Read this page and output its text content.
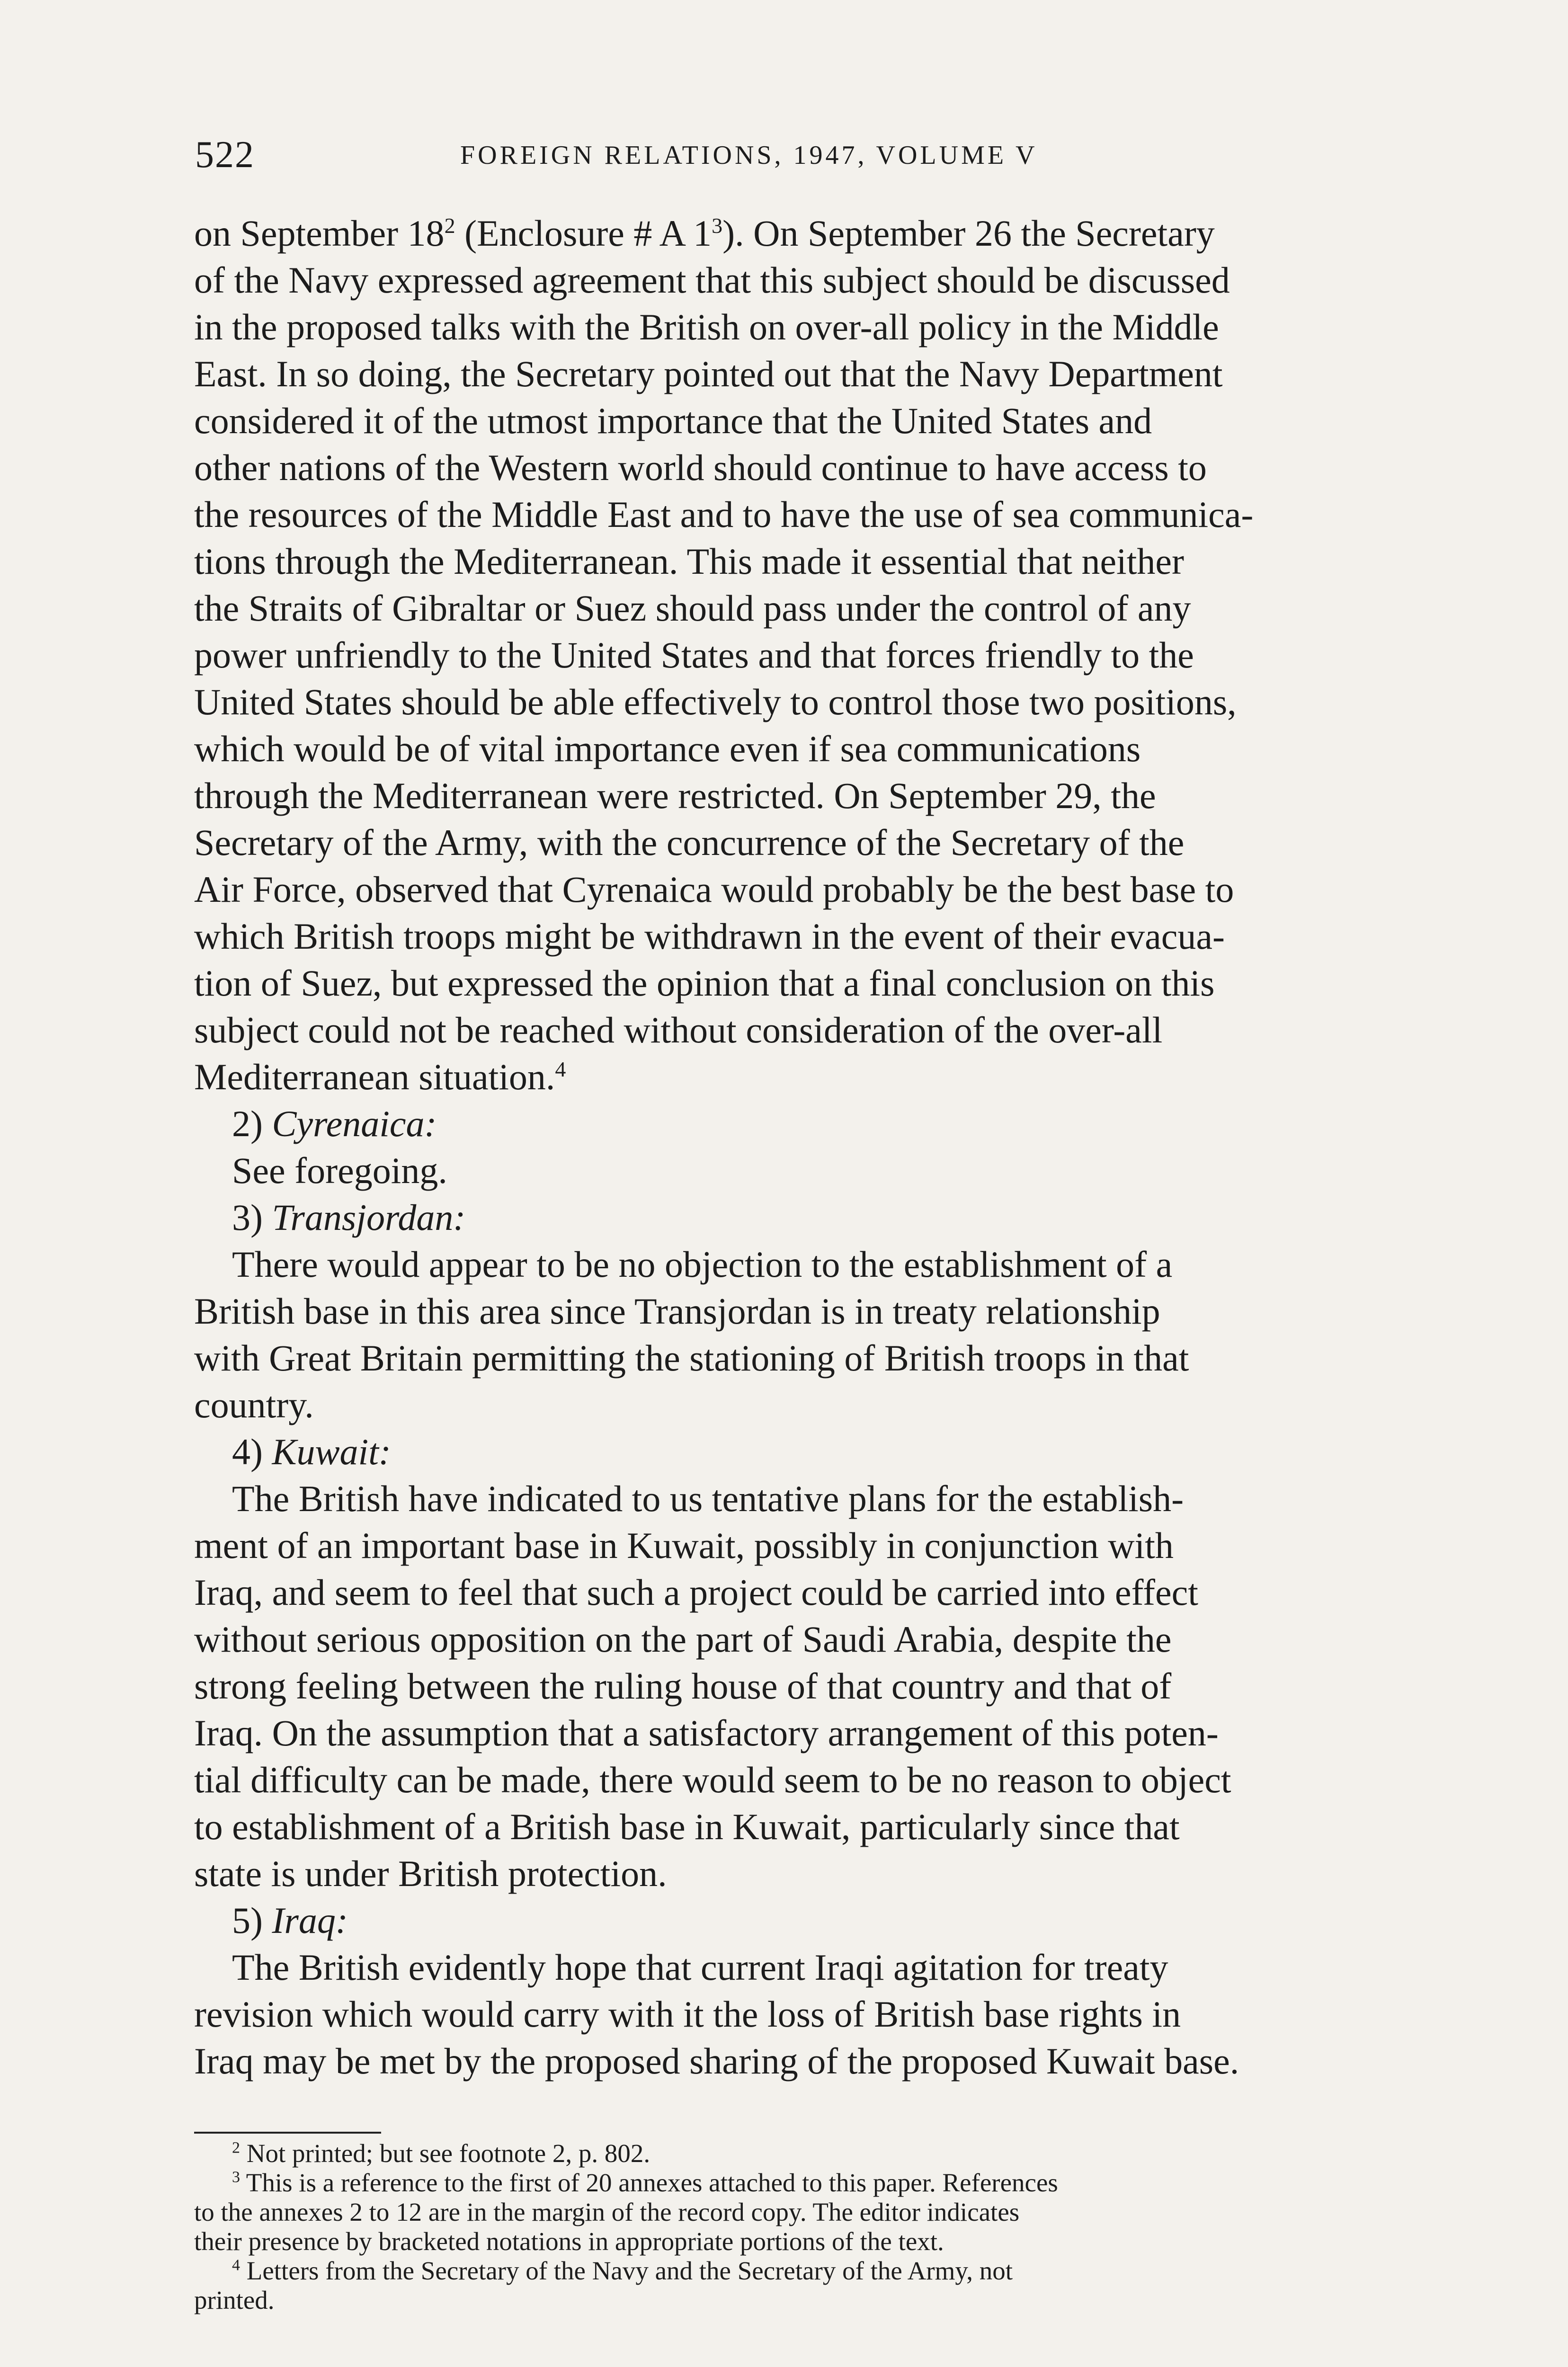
522	FOREIGN RELATIONS, 1947, VOLUME V
on September $18^2$ (Enclosure # A $1^3$). On September 26 the Secretary
of the Navy expressed agreement that this subject should be discussed
in the proposed talks with the British on over-all policy in the Middle
East. In so doing, the Secretary pointed out that the Navy Department
considered it of the utmost importance that the United States and
other nations of the Western world should continue to have access to
the resources of the Middle East and to have the use of sea communica-
tions through the Mediterranean. This made it essential that neither
the Straits of Gibraltar or Suez should pass under the control of any
power unfriendly to the United States and that forces friendly to the
United States should be able effectively to control those two positions,
which would be of vital importance even if sea communications
through the Mediterranean were restricted. On September 29, the
Secretary of the Army, with the concurrence of the Secretary of the
Air Force, observed that Cyrenaica would probably be the best base to
which British troops might be withdrawn in the event of their evacua-
tion of Suez, but expressed the opinion that a final conclusion on this
subject could not be reached without consideration of the over-all
Mediterranean situation.$^4$
2) Cyrenaica:
See foregoing.
3) Transjordan:
There would appear to be no objection to the establishment of a
British base in this area since Transjordan is in treaty relationship
with Great Britain permitting the stationing of British troops in that
country.
4) Kuwait:
The British have indicated to us tentative plans for the establish-
ment of an important base in Kuwait, possibly in conjunction with
Iraq, and seem to feel that such a project could be carried into effect
without serious opposition on the part of Saudi Arabia, despite the
strong feeling between the ruling house of that country and that of
Iraq. On the assumption that a satisfactory arrangement of this poten-
tial difficulty can be made, there would seem to be no reason to object
to establishment of a British base in Kuwait, particularly since that
state is under British protection.
5) Iraq:
The British evidently hope that current Iraqi agitation for treaty
revision which would carry with it the loss of British base rights in
Iraq may be met by the proposed sharing of the proposed Kuwait base.
$^2$ Not printed; but see footnote 2, p. 802.
$^3$ This is a reference to the first of 20 annexes attached to this paper. References
to the annexes 2 to 12 are in the margin of the record copy. The editor indicates
their presence by bracketed notations in appropriate portions of the text.
$^4$ Letters from the Secretary of the Navy and the Secretary of the Army, not
printed.
